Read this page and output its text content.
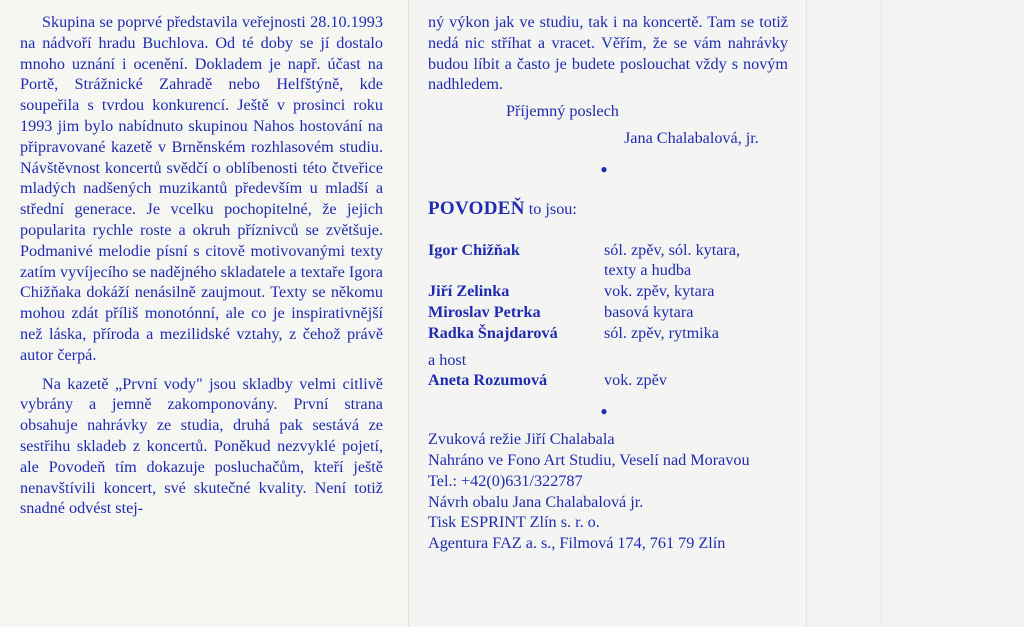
Skupina se poprvé představila veřejnosti 28.10.1993 na nádvoří hradu Buchlova. Od té doby se jí dostalo mnoho uznání i ocenění. Dokladem je např. účast na Portě, Strážnické Zahradě nebo Helfštýně, kde soupeřila s tvrdou konkurencí. Ještě v prosinci roku 1993 jim bylo nabídnuto skupinou Nahos hostování na připravované kazetě v Brněnském rozhlasovém studiu. Návštěvnost koncertů svědčí o oblíbenosti této čtveřice mladých nadšených muzikantů především u mladší a střední generace. Je vcelku pochopitelné, že jejich popularita rychle roste a okruh příznivců se zvětšuje. Podmanivé melodie písní s citově motivovanými texty zatím vyvíjecího se nadějného skladatele a textaře Igora Chižňaka dokáží nenásilně zaujmout. Texty se někomu mohou zdát příliš monotónní, ale co je inspirativnější než láska, příroda a mezilidské vztahy, z čehož právě autor čerpá.

Na kazetě „První vody" jsou skladby velmi citlivě vybrány a jemně zakomponovány. První strana obsahuje nahrávky ze studia, druhá pak sestává ze sestřihu skladeb z koncertů. Poněkud nezvyklé pojetí, ale Povodeň tím dokazuje posluchačům, kteří ještě nenavštívili koncert, své skutečné kvality. Není totiž snadné odvést stej-

ný výkon jak ve studiu, tak i na koncertě. Tam se totiž nedá nic stříhat a vracet. Věřím, že se vám nahrávky budou líbit a často je budete poslouchat vždy s novým nadhledem.

Příjemný poslech
Jana Chalabalová, jr.
●
POVODEŇ to jsou:
Igor Chižňak	sól. zpěv, sól. kytara,
texty a hudba
Jiří Zelinka	vok. zpěv, kytara
Miroslav Petrka	basová kytara
Radka Šnajdarová	sól. zpěv, rytmika
a host
Aneta Rozumová	vok. zpěv
●
Zvuková režie Jiří Chalabala
Nahráno ve Fono Art Studiu, Veselí nad Moravou
Tel.: +42(0)631/322787
Návrh obalu Jana Chalabalová jr.
Tisk ESPRINT Zlín s. r. o.
Agentura FAZ a. s., Filmová 174, 761 79 Zlín
